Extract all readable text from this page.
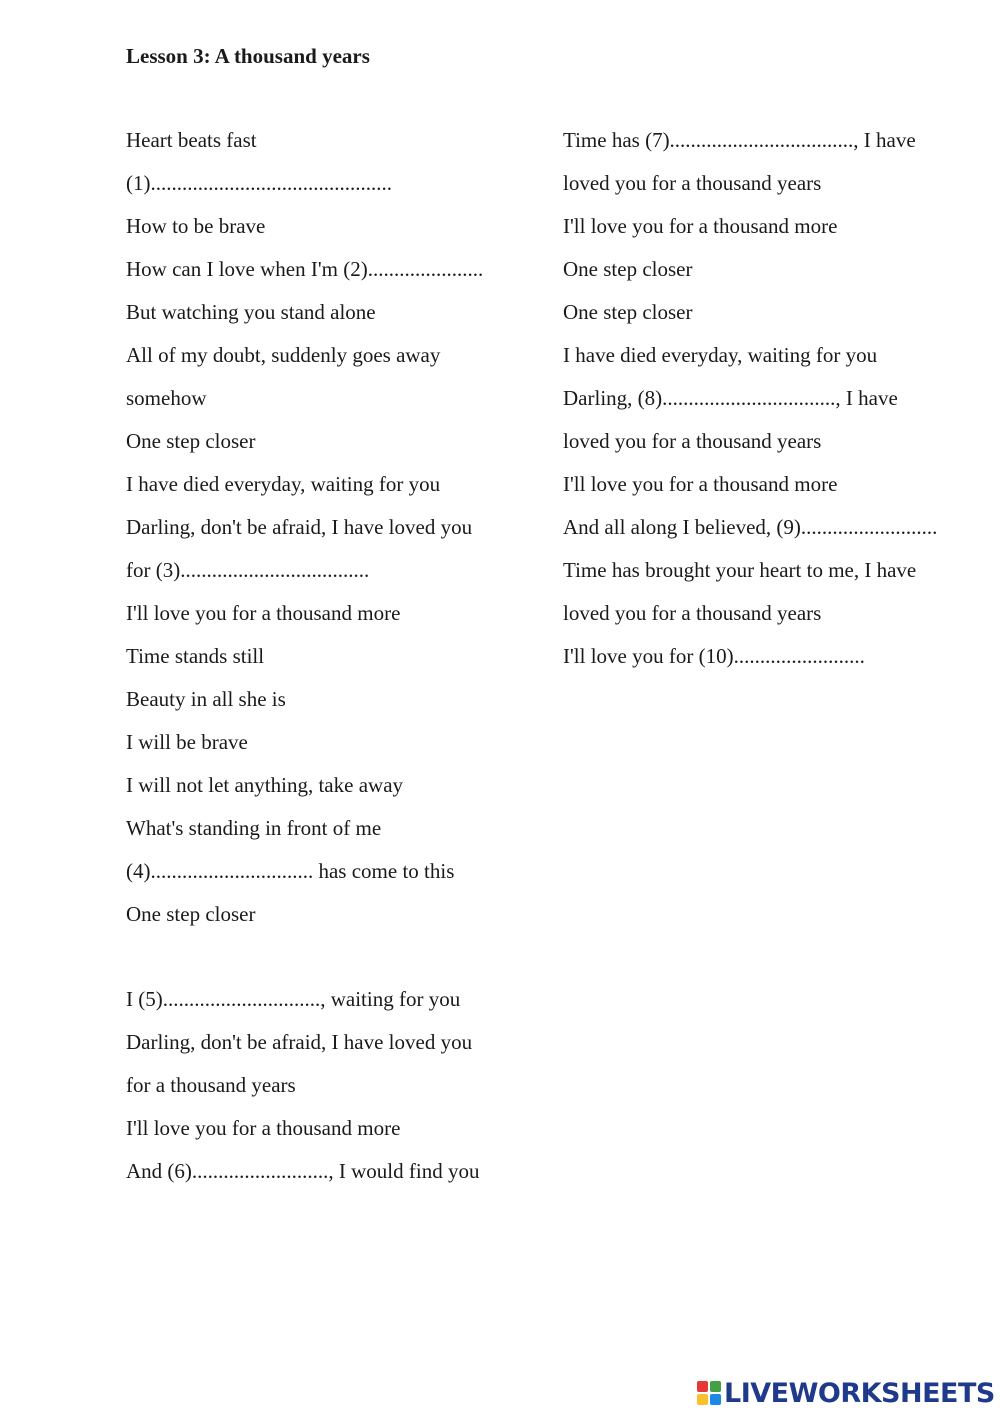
Lesson 3: A thousand years

Heart beats fast

(1)..............................................

How to be brave

How can I love when I'm (2)......................

But watching you stand alone

All of my doubt, suddenly goes away

somehow

One step closer

I have died everyday, waiting for you

Darling, don't be afraid, I have loved you

for (3)....................................

I'll love you for a thousand more

Time stands still

Beauty in all she is

I will be brave

I will not let anything, take away

What's standing in front of me

(4)............................... has come to this

One step closer

I (5).............................., waiting for you

Darling, don't be afraid, I have loved you

for a thousand years

I'll love you for a thousand more

And (6).........................., I would find you

Time has (7)..................................., I have

loved you for a thousand years

I'll love you for a thousand more

One step closer

One step closer

I have died everyday, waiting for you

Darling, (8)................................., I have

loved you for a thousand years

I'll love you for a thousand more

And all along I believed, (9)..........................

Time has brought your heart to me, I have

loved you for a thousand years

I'll love you for (10).........................

LIVEWORKSHEETS
